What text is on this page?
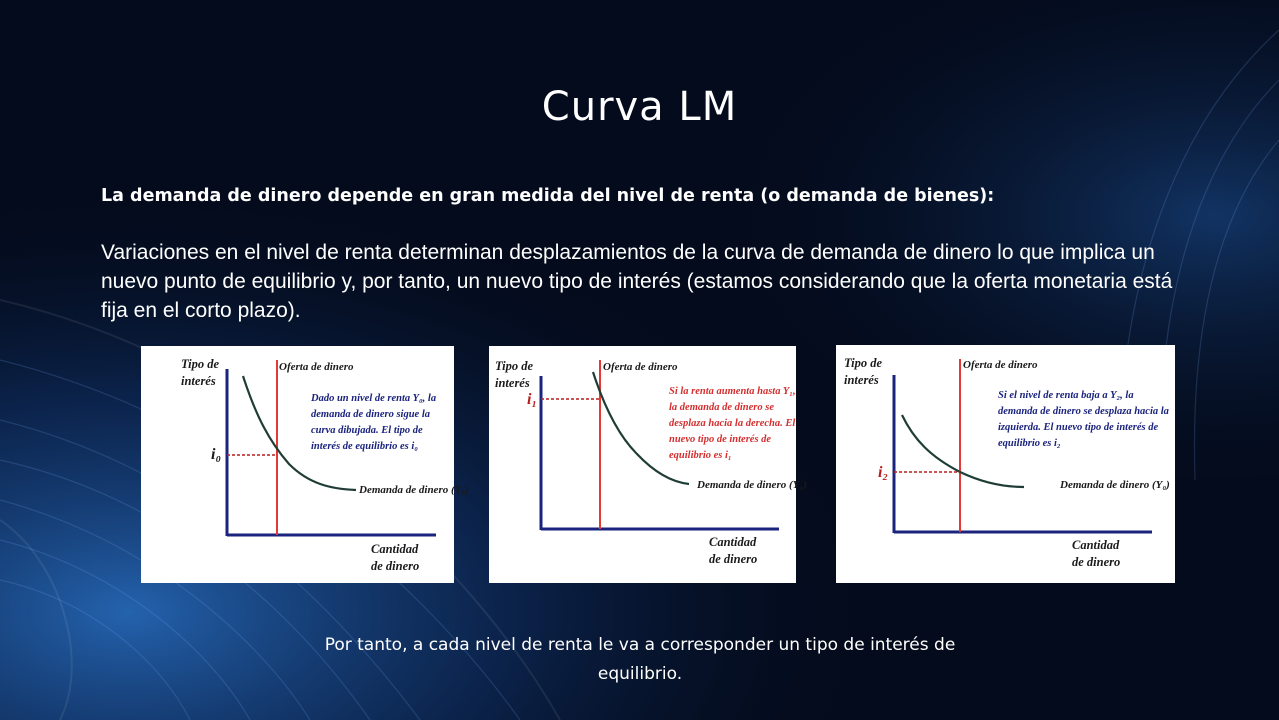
Curva LM
La demanda de dinero depende en gran medida del nivel de renta (o demanda de bienes):
Variaciones en el nivel de renta determinan desplazamientos de la curva de demanda de dinero lo que implica un nuevo punto de equilibrio y, por tanto, un nuevo tipo de interés (estamos considerando que la oferta monetaria está fija en el corto plazo).
Tipo de
interés
Oferta de dinero
Dado un nivel de renta Y₀, la demanda de dinero sigue la curva dibujada. El tipo de interés de equilibrio es i₀
i₀
Demanda de dinero (Y₀)
Cantidad
de dinero
Tipo de
interés
Oferta de dinero
Si la renta aumenta hasta Y₁, la demanda de dinero se desplaza hacia la derecha. El nuevo tipo de interés de equilibrio es i₁
i₁
Demanda de dinero (Y₁)
Cantidad
de dinero
Tipo de
interés
Oferta de dinero
Si el nivel de renta baja a Y₂, la demanda de dinero se desplaza hacia la izquierda. El nuevo tipo de interés de equilibrio es i₂
i₂
Demanda de dinero (Y₀)
Cantidad
de dinero
Por tanto, a cada nivel de renta le va a corresponder un tipo de interés de equilibrio.
